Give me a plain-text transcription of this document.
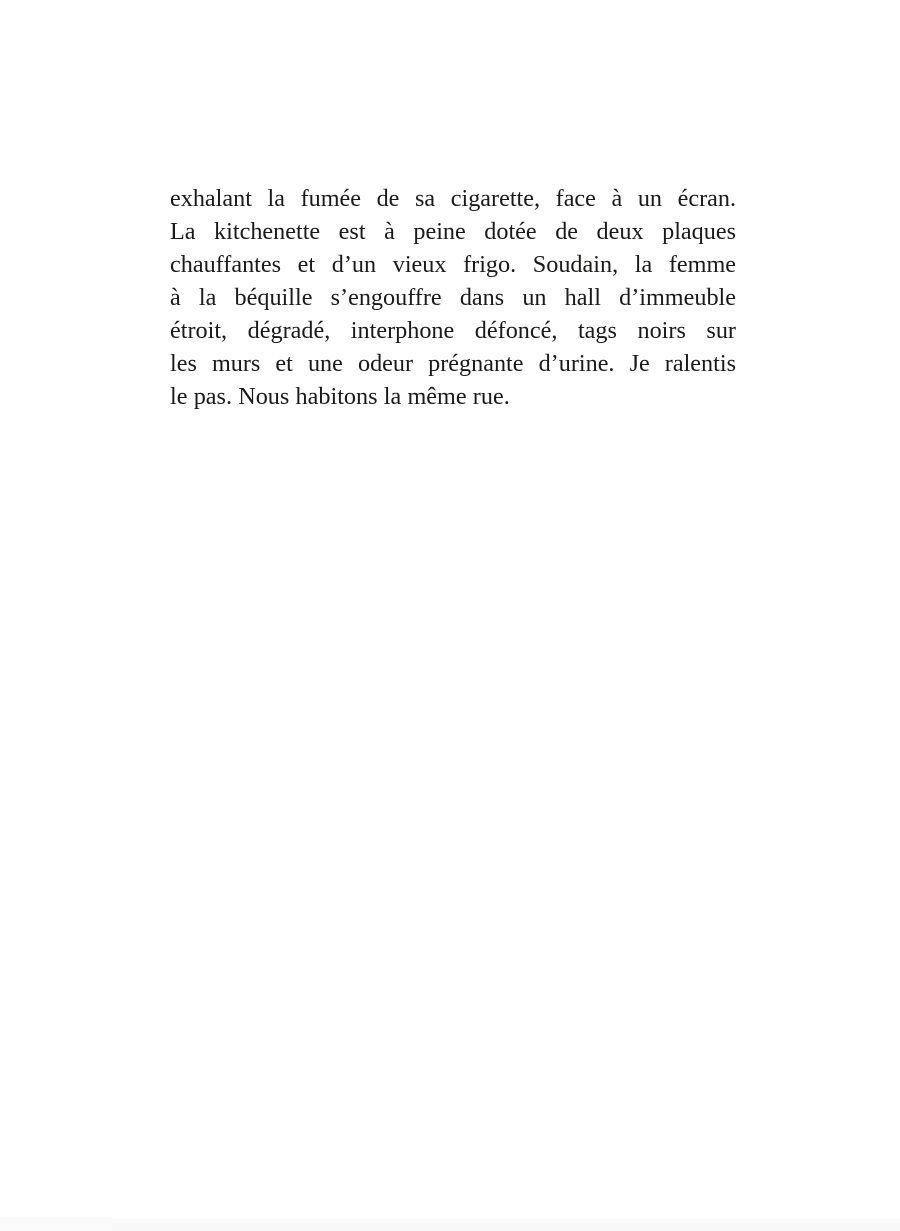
exhalant la fumée de sa cigarette, face à un écran.
La kitchenette est à peine dotée de deux plaques
chauffantes et d’un vieux frigo. Soudain, la femme
à la béquille s’engouffre dans un hall d’immeuble
étroit, dégradé, interphone défoncé, tags noirs sur
les murs et une odeur prégnante d’urine. Je ralentis
le pas. Nous habitons la même rue.
